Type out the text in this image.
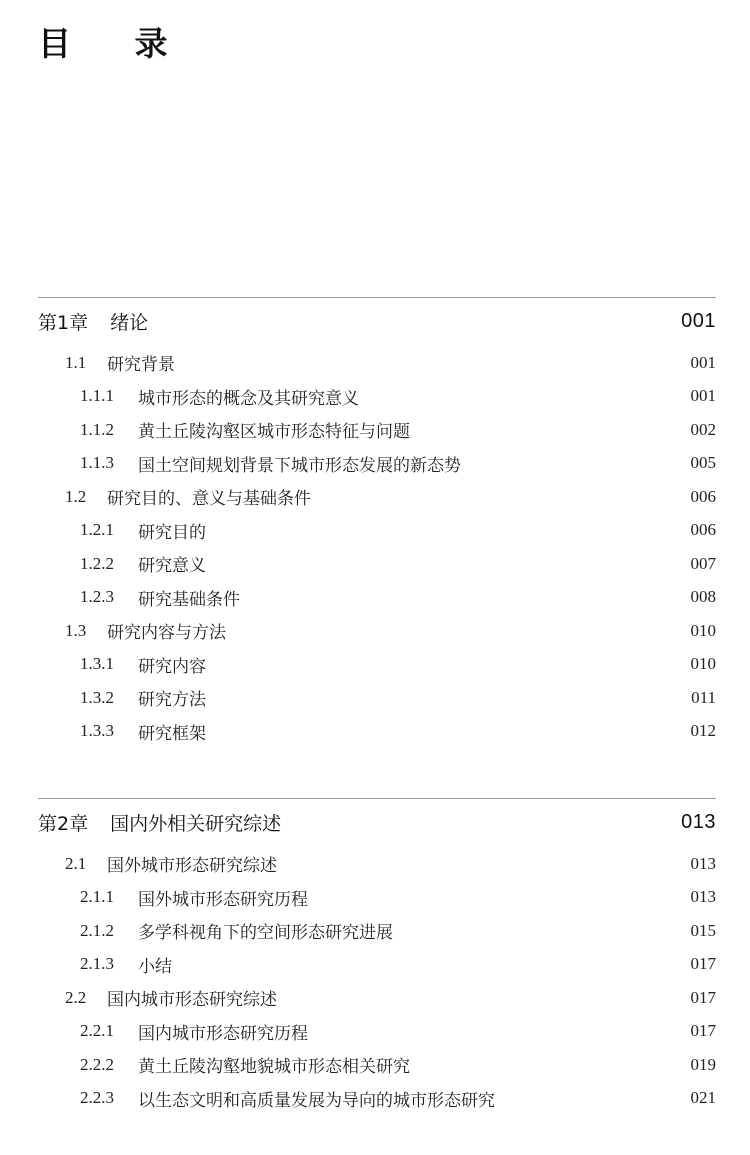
目 录
第1章 绪论	001
1.1	研究背景	001
1.1.1	城市形态的概念及其研究意义	001
1.1.2	黄土丘陵沟壑区城市形态特征与问题	002
1.1.3	国土空间规划背景下城市形态发展的新态势	005
1.2	研究目的、意义与基础条件	006
1.2.1	研究目的	006
1.2.2	研究意义	007
1.2.3	研究基础条件	008
1.3	研究内容与方法	010
1.3.1	研究内容	010
1.3.2	研究方法	011
1.3.3	研究框架	012
第2章 国内外相关研究综述	013
2.1	国外城市形态研究综述	013
2.1.1	国外城市形态研究历程	013
2.1.2	多学科视角下的空间形态研究进展	015
2.1.3	小结	017
2.2	国内城市形态研究综述	017
2.2.1	国内城市形态研究历程	017
2.2.2	黄土丘陵沟壑地貌城市形态相关研究	019
2.2.3	以生态文明和高质量发展为导向的城市形态研究	021
